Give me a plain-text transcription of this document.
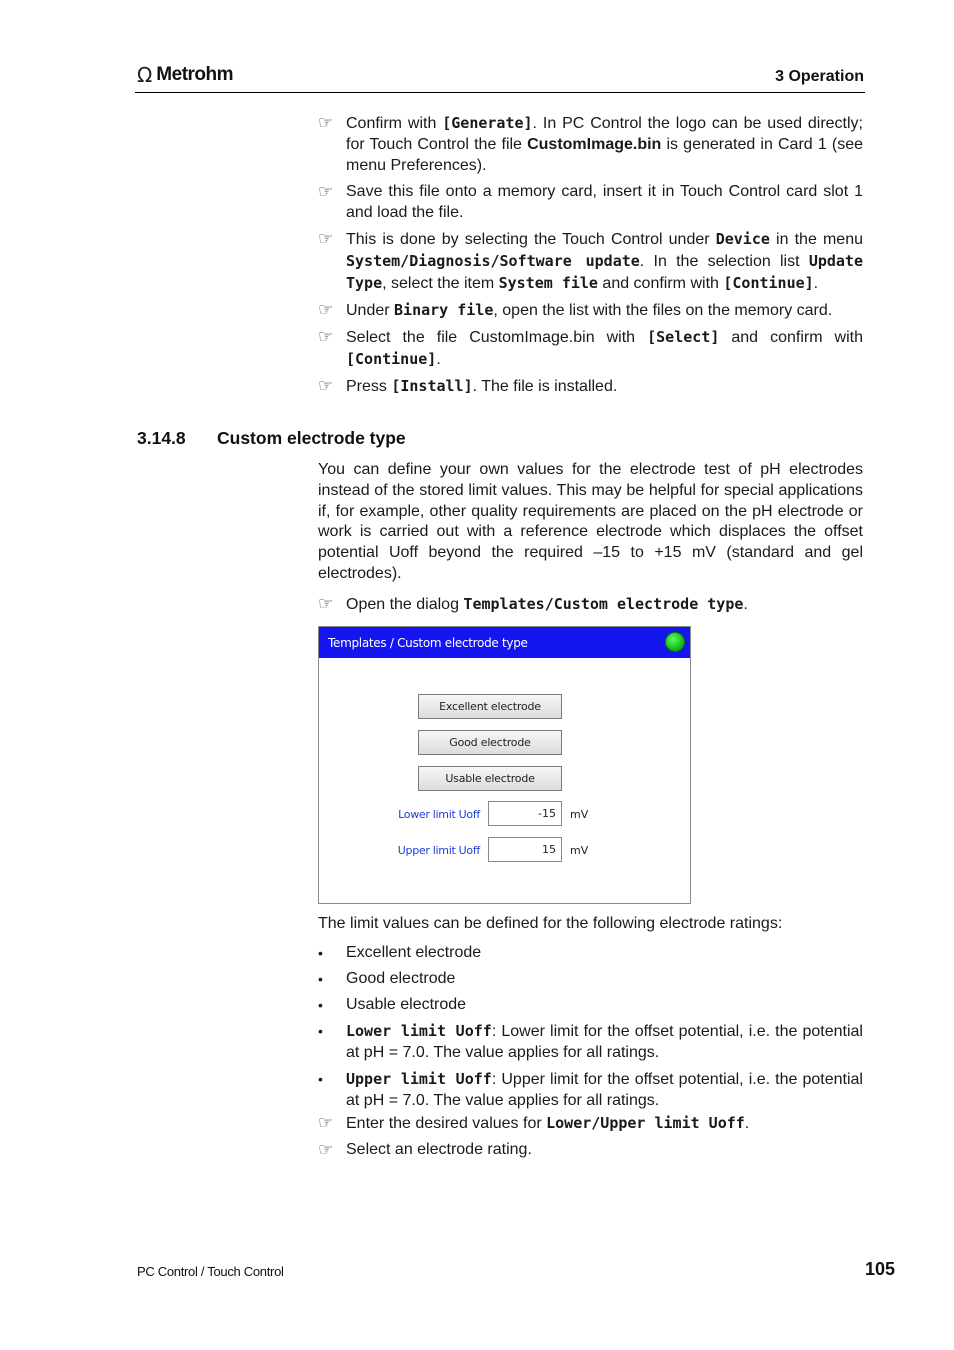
Ω Metrohm	3 Operation
☞ Confirm with [Generate]. In PC Control the logo can be used directly; for Touch Control the file CustomImage.bin is generated in Card 1 (see menu Preferences).
☞ Save this file onto a memory card, insert it in Touch Control card slot 1 and load the file.
☞ This is done by selecting the Touch Control under Device in the menu System/Diagnosis/Software update. In the selection list Update Type, select the item System file and confirm with [Continue].
☞ Under Binary file, open the list with the files on the memory card.
☞ Select the file CustomImage.bin with [Select] and confirm with [Continue].
☞ Press [Install]. The file is installed.
3.14.8 Custom electrode type
You can define your own values for the electrode test of pH electrodes instead of the stored limit values. This may be helpful for special applications if, for example, other quality requirements are placed on the pH electrode or work is carried out with a reference electrode which displaces the offset potential Uoff beyond the required –15 to +15 mV (standard and gel electrodes).
☞ Open the dialog Templates/Custom electrode type.
Templates / Custom electrode type
Excellent electrode
Good electrode
Usable electrode
Lower limit Uoff	-15	mV
Upper limit Uoff	15	mV
The limit values can be defined for the following electrode ratings:
•	Excellent electrode
•	Good electrode
•	Usable electrode
•	Lower limit Uoff: Lower limit for the offset potential, i.e. the potential at pH = 7.0. The value applies for all ratings.
•	Upper limit Uoff: Upper limit for the offset potential, i.e. the potential at pH = 7.0. The value applies for all ratings.
☞ Enter the desired values for Lower/Upper limit Uoff.
☞ Select an electrode rating.
PC Control / Touch Control	105
